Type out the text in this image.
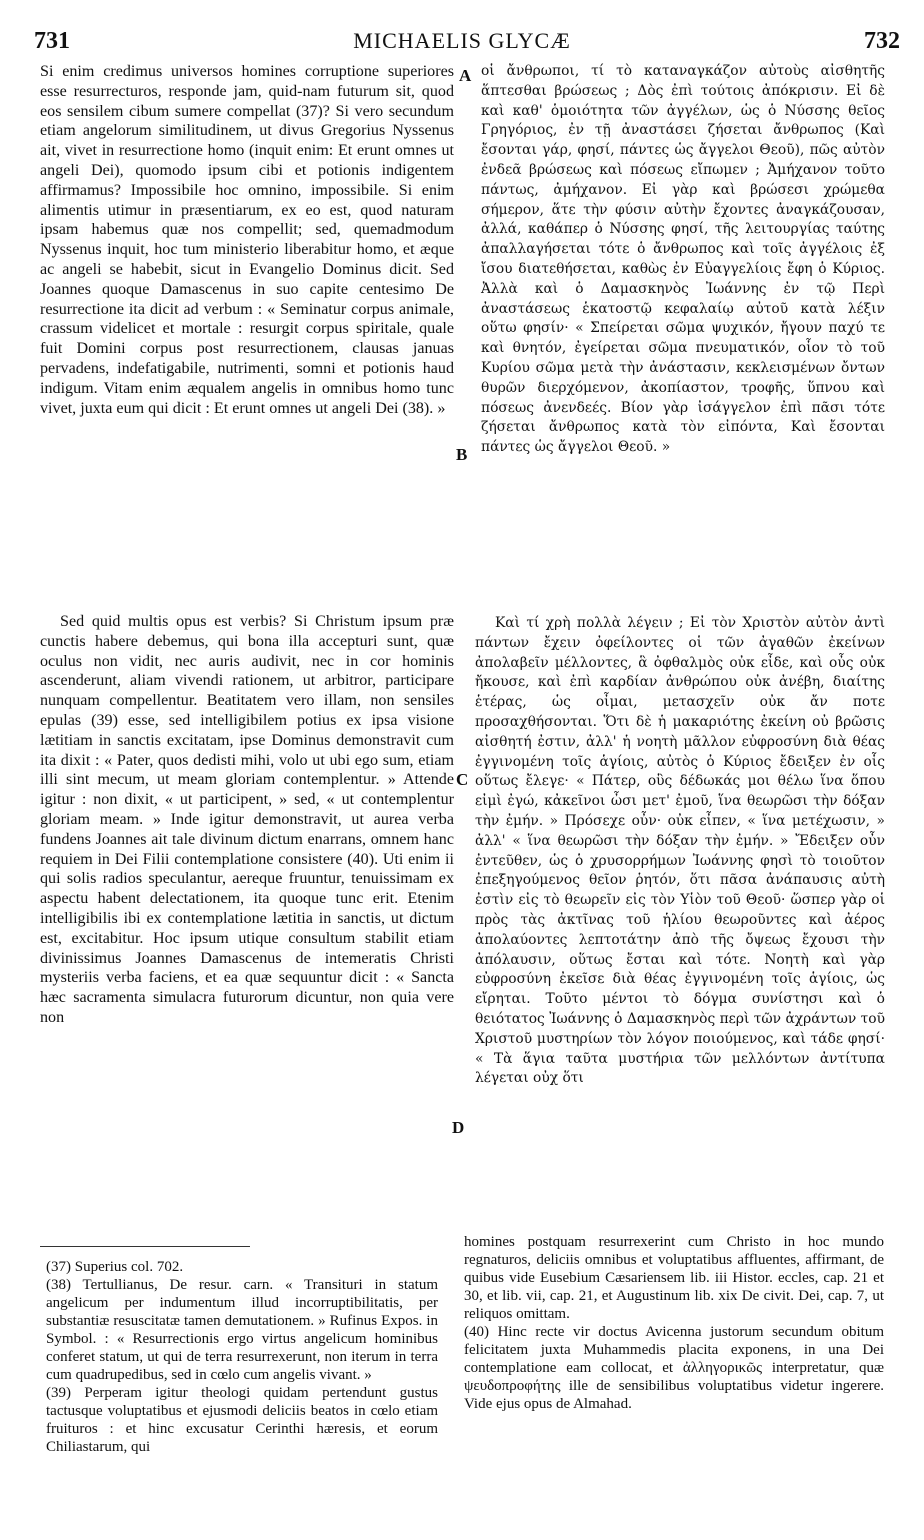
731	MICHAELIS GLYCÆ	732
A
B
C
D

Si enim credimus universos homines corruptione superiores esse resurrecturos, responde jam, quid-nam futurum sit, quod eos sensilem cibum sumere compellat (37)? Si vero secundum etiam angelorum similitudinem, ut divus Gregorius Nyssenus ait, vivet in resurrectione homo (inquit enim: Et erunt omnes ut angeli Dei), quomodo ipsum cibi et potionis indigentem affirmamus? Impossibile hoc omnino, impossibile. Si enim alimentis utimur in præsentiarum, ex eo est, quod naturam ipsam habemus quæ nos compellit; sed, quemadmodum Nyssenus inquit, hoc tum ministerio liberabitur homo, et æque ac angeli se habebit, sicut in Evangelio Dominus dicit. Sed Joannes quoque Damascenus in suo capite centesimo De resurrectione ita dicit ad verbum : « Seminatur corpus animale, crassum videlicet et mortale : resurgit corpus spiritale, quale fuit Domini corpus post resurrectionem, clausas januas pervadens, indefatigabile, nutrimenti, somni et potionis haud indigum. Vitam enim æqualem angelis in omnibus homo tunc vivet, juxta eum qui dicit : Et erunt omnes ut angeli Dei (38). »

οἱ ἄνθρωποι, τί τὸ καταναγκάζον αὐτοὺς αἰσθητῆς ἅπτεσθαι βρώσεως ; Δὸς ἐπὶ τούτοις ἀπόκρισιν. Εἰ δὲ καὶ καθ' ὁμοιότητα τῶν ἀγγέλων, ὡς ὁ Νύσσης θεῖος Γρηγόριος, ἐν τῇ ἀναστάσει ζήσεται ἄνθρωπος (Καὶ ἔσονται γάρ, φησί, πάντες ὡς ἄγγελοι Θεοῦ), πῶς αὐτὸν ἐνδεᾶ βρώσεως καὶ πόσεως εἴπωμεν ; Ἀμήχανον τοῦτο πάντως, ἀμήχανον. Εἰ γὰρ καὶ βρώσεσι χρώμεθα σήμερον, ἅτε τὴν φύσιν αὐτὴν ἔχοντες ἀναγκάζουσαν, ἀλλά, καθάπερ ὁ Νύσσης φησί, τῆς λειτουργίας ταύτης ἀπαλλαγήσεται τότε ὁ ἄνθρωπος καὶ τοῖς ἀγγέλοις ἐξ ἴσου διατεθήσεται, καθὼς ἐν Εὐαγγελίοις ἔφη ὁ Κύριος. Ἀλλὰ καὶ ὁ Δαμασκηνὸς Ἰωάννης ἐν τῷ Περὶ ἀναστάσεως ἑκατοστῷ κεφαλαίῳ αὐτοῦ κατὰ λέξιν οὕτω φησίν· « Σπείρεται σῶμα ψυχικόν, ἤγουν παχύ τε καὶ θνητόν, ἐγείρεται σῶμα πνευματικόν, οἷον τὸ τοῦ Κυρίου σῶμα μετὰ τὴν ἀνάστασιν, κεκλεισμένων ὄντων θυρῶν διερχόμενον, ἀκοπίαστον, τροφῆς, ὕπνου καὶ πόσεως ἀνενδεές. Βίον γὰρ ἰσάγγελον ἐπὶ πᾶσι τότε ζήσεται ἄνθρωπος κατὰ τὸν εἰπόντα, Καὶ ἔσονται πάντες ὡς ἄγγελοι Θεοῦ. »

Sed quid multis opus est verbis? Si Christum ipsum præ cunctis habere debemus, qui bona illa accepturi sunt, quæ oculus non vidit, nec auris audivit, nec in cor hominis ascenderunt, aliam vivendi rationem, ut arbitror, participare nunquam compellentur. Beatitatem vero illam, non sensiles epulas (39) esse, sed intelligibilem potius ex ipsa visione lætitiam in sanctis excitatam, ipse Dominus demonstravit cum ita dixit : « Pater, quos dedisti mihi, volo ut ubi ego sum, etiam illi sint mecum, ut meam gloriam contemplentur. » Attende igitur : non dixit, « ut participent, » sed, « ut contemplentur gloriam meam. » Inde igitur demonstravit, ut aurea verba fundens Joannes ait tale divinum dictum enarrans, omnem hanc requiem in Dei Filii contemplatione consistere (40). Uti enim ii qui solis radios speculantur, aereque fruuntur, tenuissimam ex aspectu habent delectationem, ita quoque tunc erit. Etenim intelligibilis ibi ex contemplatione lætitia in sanctis, ut dictum est, excitabitur. Hoc ipsum utique consultum stabilit etiam divinissimus Joannes Damascenus de intemeratis Christi mysteriis verba faciens, et ea quæ sequuntur dicit : « Sancta hæc sacramenta simulacra futurorum dicuntur, non quia vere non

Καὶ τί χρὴ πολλὰ λέγειν ; Εἰ τὸν Χριστὸν αὐτὸν ἀντὶ πάντων ἔχειν ὀφείλοντες οἱ τῶν ἀγαθῶν ἐκείνων ἀπολαβεῖν μέλλοντες, ἃ ὀφθαλμὸς οὐκ εἶδε, καὶ οὖς οὐκ ἤκουσε, καὶ ἐπὶ καρδίαν ἀνθρώπου οὐκ ἀνέβη, διαίτης ἑτέρας, ὡς οἶμαι, μετασχεῖν οὐκ ἄν ποτε προσαχθήσονται. Ὅτι δὲ ἡ μακαριότης ἐκείνη οὐ βρῶσις αἰσθητή ἐστιν, ἀλλ' ἡ νοητὴ μᾶλλον εὐφροσύνη διὰ θέας ἐγγινομένη τοῖς ἁγίοις, αὐτὸς ὁ Κύριος ἔδειξεν ἐν οἷς οὕτως ἔλεγε· « Πάτερ, οὓς δέδωκάς μοι θέλω ἵνα ὅπου εἰμὶ ἐγώ, κἀκεῖνοι ὦσι μετ' ἐμοῦ, ἵνα θεωρῶσι τὴν δόξαν τὴν ἐμήν. » Πρόσεχε οὖν· οὐκ εἶπεν, « ἵνα μετέχωσιν, » ἀλλ' « ἵνα θεωρῶσι τὴν δόξαν τὴν ἐμήν. » Ἔδειξεν οὖν ἐντεῦθεν, ὡς ὁ χρυσορρήμων Ἰωάννης φησὶ τὸ τοιοῦτον ἐπεξηγούμενος θεῖον ῥητόν, ὅτι πᾶσα ἀνάπαυσις αὐτὴ ἐστὶν εἰς τὸ θεωρεῖν εἰς τὸν Υἱὸν τοῦ Θεοῦ· ὥσπερ γὰρ οἱ πρὸς τὰς ἀκτῖνας τοῦ ἡλίου θεωροῦντες καὶ ἀέρος ἀπολαύοντες λεπτοτάτην ἀπὸ τῆς ὄψεως ἔχουσι τὴν ἀπόλαυσιν, οὕτως ἔσται καὶ τότε. Νοητὴ καὶ γὰρ εὐφροσύνη ἐκεῖσε διὰ θέας ἐγγινομένη τοῖς ἁγίοις, ὡς εἴρηται. Τοῦτο μέντοι τὸ δόγμα συνίστησι καὶ ὁ θειότατος Ἰωάννης ὁ Δαμασκηνὸς περὶ τῶν ἀχράντων τοῦ Χριστοῦ μυστηρίων τὸν λόγον ποιούμενος, καὶ τάδε φησί· « Τὰ ἅγια ταῦτα μυστήρια τῶν μελλόντων ἀντίτυπα λέγεται οὐχ ὅτι

(37) Superius col. 702.

(38) Tertullianus, De resur. carn. « Transituri in statum angelicum per indumentum illud incorruptibilitatis, per substantiæ resuscitatæ tamen demutationem. » Rufinus Expos. in Symbol. : « Resurrectionis ergo virtus angelicum hominibus conferet statum, ut qui de terra resurrexerunt, non iterum in terra cum quadrupedibus, sed in cœlo cum angelis vivant. »

(39) Perperam igitur theologi quidam pertendunt gustus tactusque voluptatibus et ejusmodi deliciis beatos in cœlo etiam fruituros : et hinc excusatur Cerinthi hæresis, et eorum Chiliastarum, qui

homines postquam resurrexerint cum Christo in hoc mundo regnaturos, deliciis omnibus et voluptatibus affluentes, affirmant, de quibus vide Eusebium Cæsariensem lib. iii Histor. eccles, cap. 21 et 30, et lib. vii, cap. 21, et Augustinum lib. xix De civit. Dei, cap. 7, ut reliquos omittam.

(40) Hinc recte vir doctus Avicenna justorum secundum obitum felicitatem juxta Muhammedis placita exponens, in una Dei contemplatione eam collocat, et ἀλληγορικῶς interpretatur, quæ ψευδοπροφήτης ille de sensibilibus voluptatibus videtur ingerere. Vide ejus opus de Almahad.
